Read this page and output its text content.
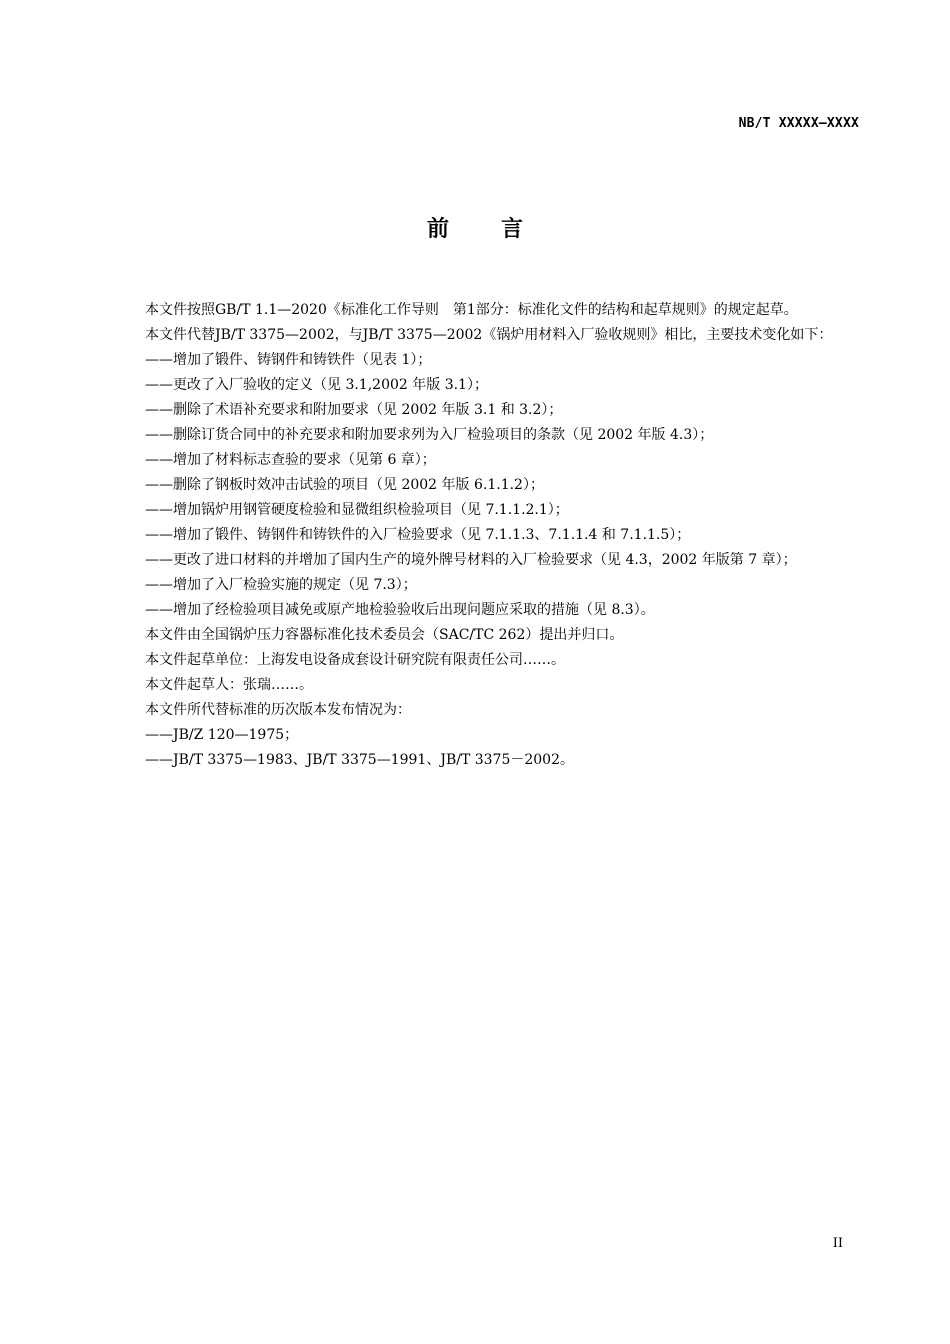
NB/T XXXXX—XXXX
前言

本文件按照GB/T 1.1—2020《标准化工作导则　第1部分：标准化文件的结构和起草规则》的规定起草。

本文件代替JB/T 3375—2002，与JB/T 3375—2002《锅炉用材料入厂验收规则》相比，主要技术变化如下：

——增加了锻件、铸钢件和铸铁件（见表 1）；

——更改了入厂验收的定义（见 3.1,2002 年版 3.1）；

——删除了术语补充要求和附加要求（见 2002 年版 3.1 和 3.2）；

——删除订货合同中的补充要求和附加要求列为入厂检验项目的条款（见 2002 年版 4.3）；

——增加了材料标志查验的要求（见第 6 章）；

——删除了钢板时效冲击试验的项目（见 2002 年版 6.1.1.2）；

——增加锅炉用钢管硬度检验和显微组织检验项目（见 7.1.1.2.1）；

——增加了锻件、铸钢件和铸铁件的入厂检验要求（见 7.1.1.3、7.1.1.4 和 7.1.1.5）；

——更改了进口材料的并增加了国内生产的境外牌号材料的入厂检验要求（见 4.3，2002 年版第 7 章）；

——增加了入厂检验实施的规定（见 7.3）；

——增加了经检验项目减免或原产地检验验收后出现问题应采取的措施（见 8.3）。

本文件由全国锅炉压力容器标准化技术委员会（SAC/TC 262）提出并归口。

本文件起草单位：上海发电设备成套设计研究院有限责任公司……。

本文件起草人：张瑞……。

本文件所代替标准的历次版本发布情况为：

——JB/Z 120—1975；

——JB/T 3375—1983、JB/T 3375—1991、JB/T 3375－2002。

II
